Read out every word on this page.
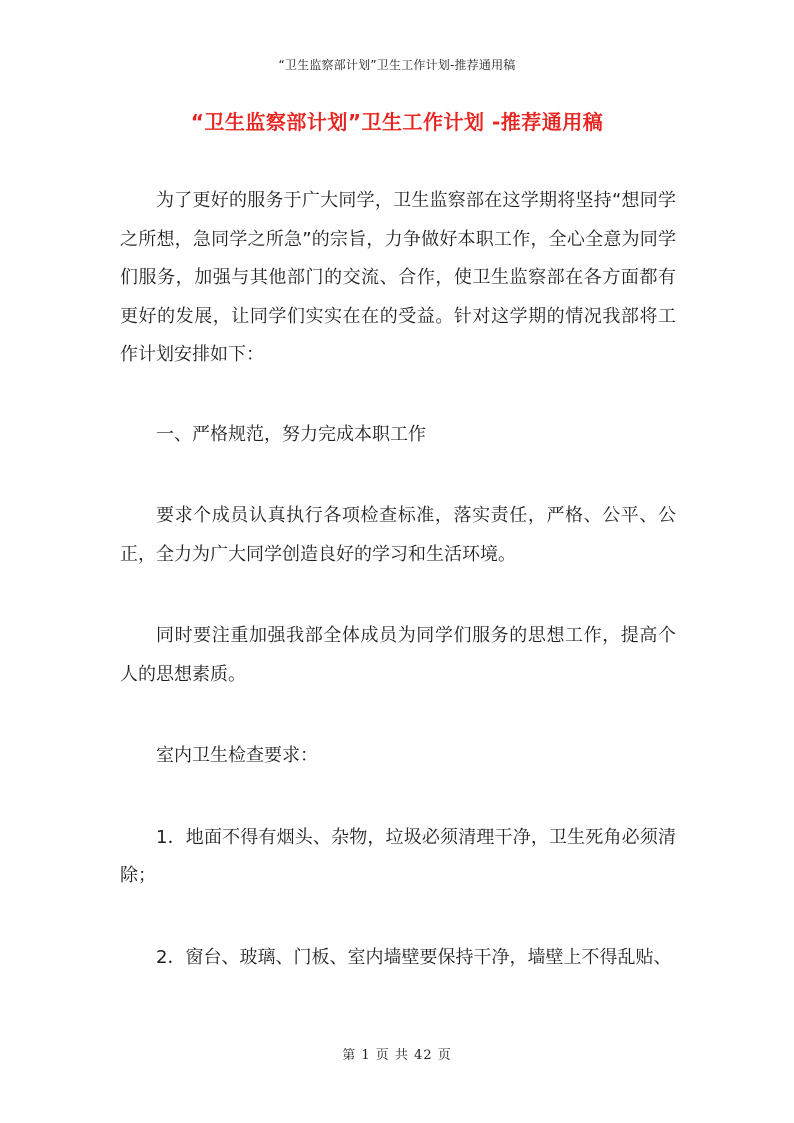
“卫生监察部计划”卫生工作计划-推荐通用稿
“卫生监察部计划”卫生工作计划 -推荐通用稿

为了更好的服务于广大同学，卫生监察部在这学期将坚持“想同学之所想，急同学之所急”的宗旨，力争做好本职工作，全心全意为同学们服务，加强与其他部门的交流、合作，使卫生监察部在各方面都有更好的发展，让同学们实实在在的受益。针对这学期的情况我部将工作计划安排如下：

一、严格规范，努力完成本职工作

要求个成员认真执行各项检查标准，落实责任，严格、公平、公正，全力为广大同学创造良好的学习和生活环境。

同时要注重加强我部全体成员为同学们服务的思想工作，提高个人的思想素质。

室内卫生检查要求：

1．地面不得有烟头、杂物，垃圾必须清理干净，卫生死角必须清除；

2．窗台、玻璃、门板、室内墙壁要保持干净，墙壁上不得乱贴、

第 1 页 共 42 页
